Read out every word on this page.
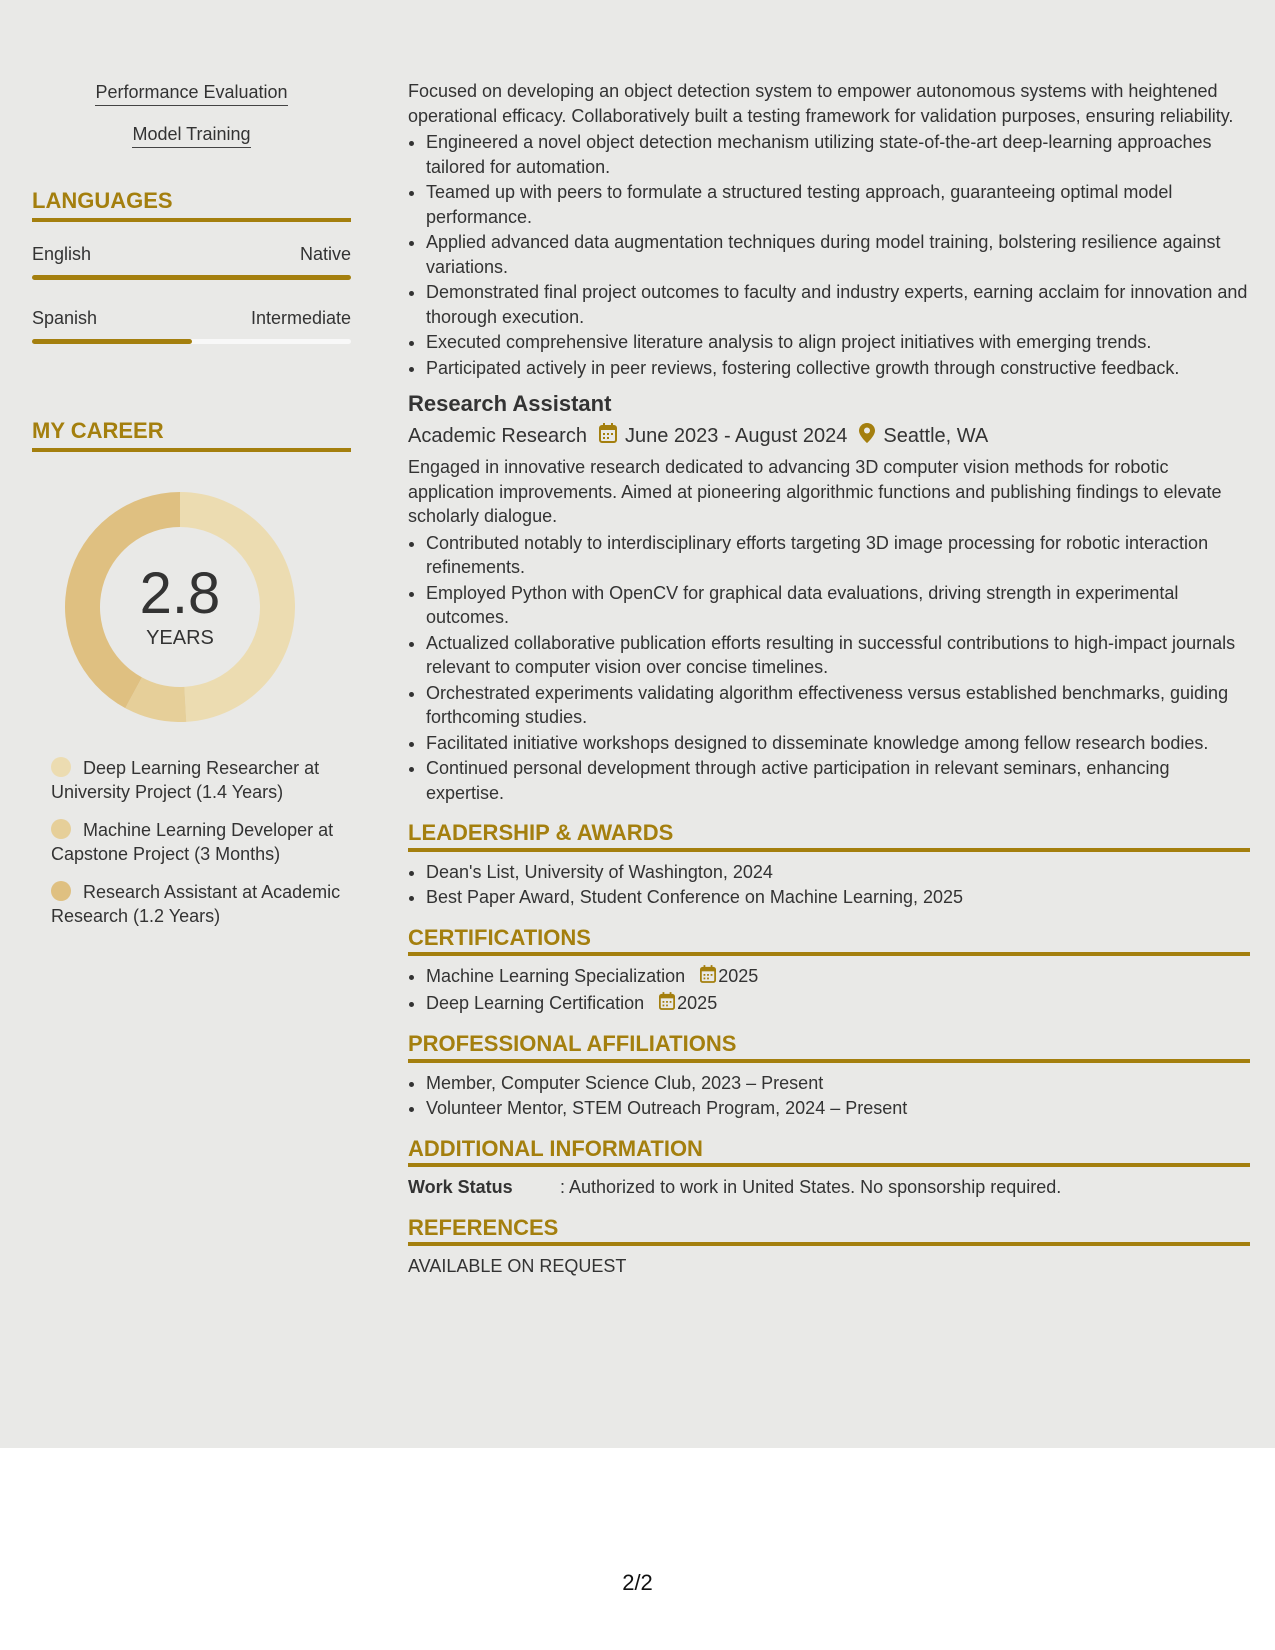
Performance Evaluation
Model Training
LANGUAGES
English	Native
Spanish	Intermediate
MY CAREER
2.8
YEARS
Deep Learning Researcher at University Project (1.4 Years)
Machine Learning Developer at Capstone Project (3 Months)
Research Assistant at Academic Research (1.2 Years)

Focused on developing an object detection system to empower autonomous systems with heightened operational efficacy. Collaboratively built a testing framework for validation purposes, ensuring reliability.

• Engineered a novel object detection mechanism utilizing state-of-the-art deep-learning approaches tailored for automation.
• Teamed up with peers to formulate a structured testing approach, guaranteeing optimal model performance.
• Applied advanced data augmentation techniques during model training, bolstering resilience against variations.
• Demonstrated final project outcomes to faculty and industry experts, earning acclaim for innovation and thorough execution.
• Executed comprehensive literature analysis to align project initiatives with emerging trends.
• Participated actively in peer reviews, fostering collective growth through constructive feedback.
Research Assistant
Academic Research June 2023 - August 2024 Seattle, WA

Engaged in innovative research dedicated to advancing 3D computer vision methods for robotic application improvements. Aimed at pioneering algorithmic functions and publishing findings to elevate scholarly dialogue.

• Contributed notably to interdisciplinary efforts targeting 3D image processing for robotic interaction refinements.
• Employed Python with OpenCV for graphical data evaluations, driving strength in experimental outcomes.
• Actualized collaborative publication efforts resulting in successful contributions to high-impact journals relevant to computer vision over concise timelines.
• Orchestrated experiments validating algorithm effectiveness versus established benchmarks, guiding forthcoming studies.
• Facilitated initiative workshops designed to disseminate knowledge among fellow research bodies.
• Continued personal development through active participation in relevant seminars, enhancing expertise.
LEADERSHIP & AWARDS
• Dean's List, University of Washington, 2024
• Best Paper Award, Student Conference on Machine Learning, 2025
CERTIFICATIONS
• Machine Learning Specialization 2025
• Deep Learning Certification 2025
PROFESSIONAL AFFILIATIONS
• Member, Computer Science Club, 2023 – Present
• Volunteer Mentor, STEM Outreach Program, 2024 – Present
ADDITIONAL INFORMATION
Work Status	: Authorized to work in United States. No sponsorship required.
REFERENCES

AVAILABLE ON REQUEST

2/2
